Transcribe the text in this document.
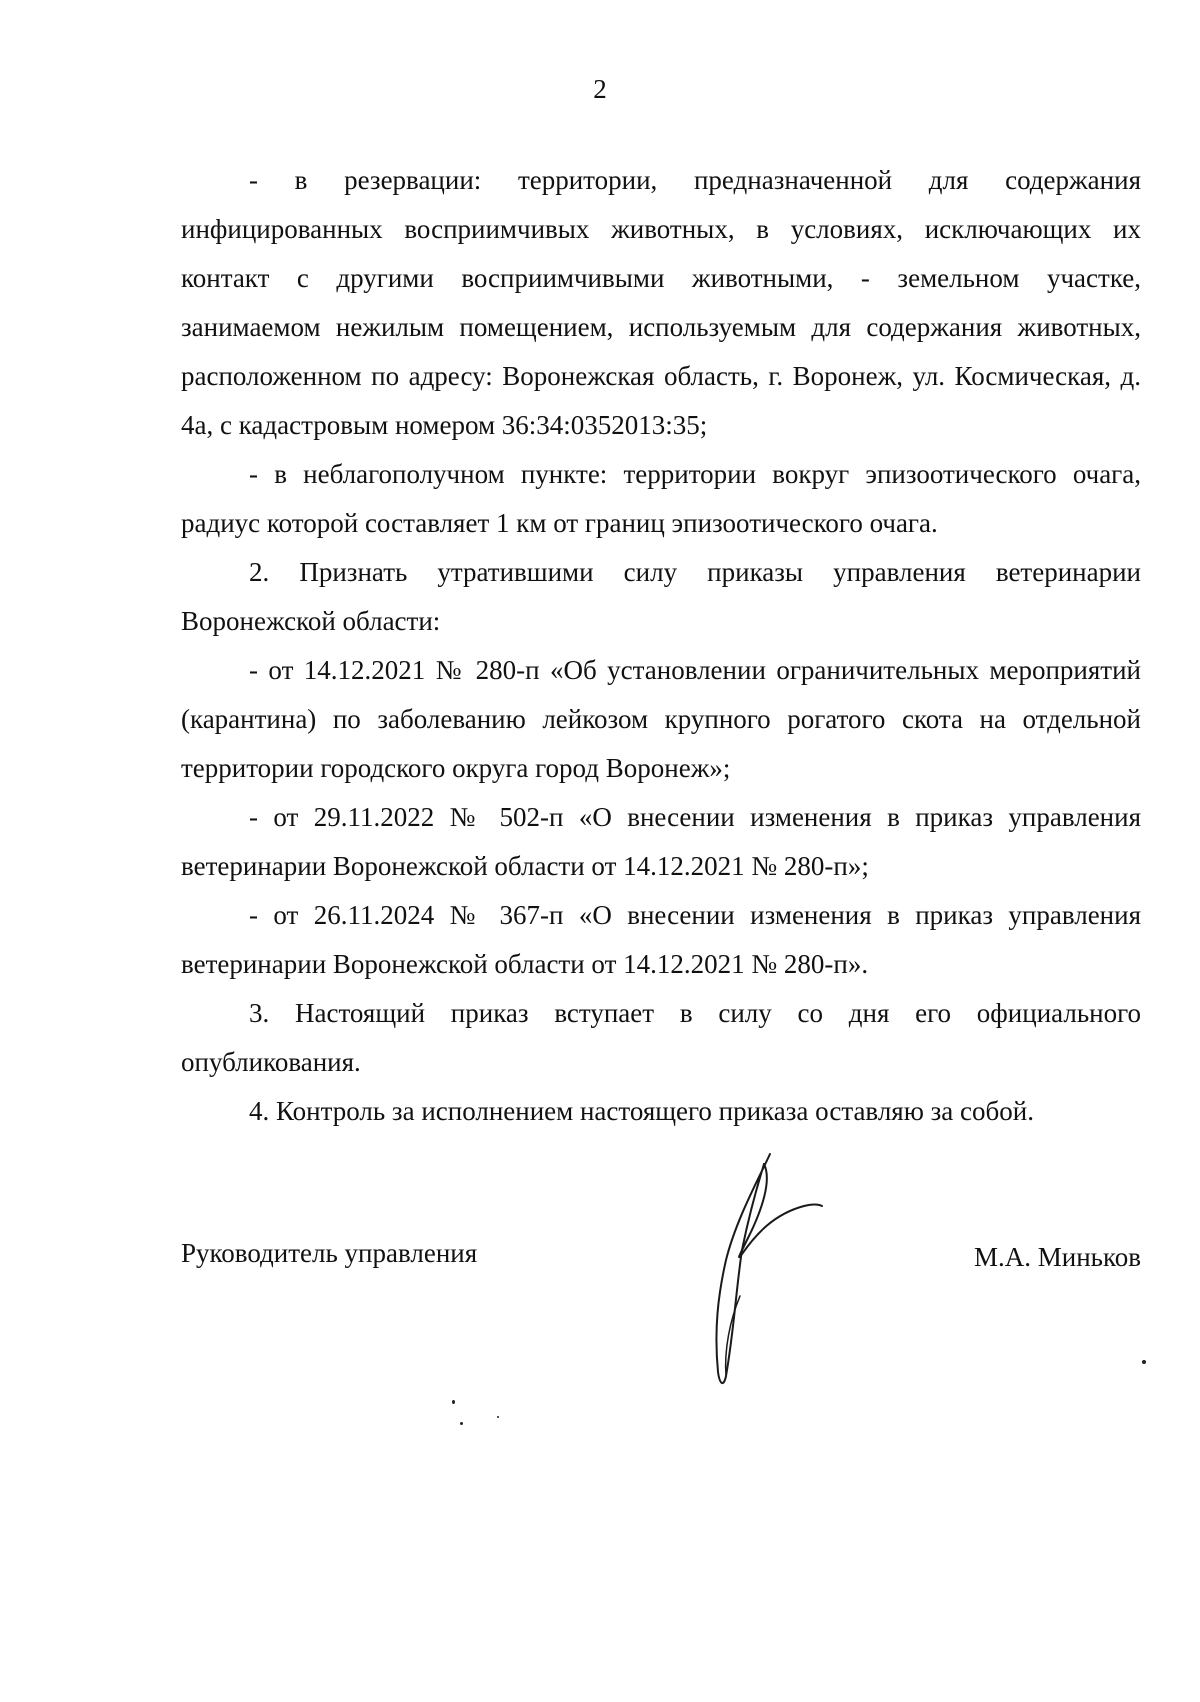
2

- в резервации: территории, предназначенной для содержания инфицированных восприимчивых животных, в условиях, исключающих их контакт с другими восприимчивыми животными, - земельном участке, занимаемом нежилым помещением, используемым для содержания животных, расположенном по адресу: Воронежская область, г. Воронеж, ул. Космическая, д. 4а, с кадастровым номером 36:34:0352013:35;

- в неблагополучном пункте: территории вокруг эпизоотического очага, радиус которой составляет 1 км от границ эпизоотического очага.

2. Признать утратившими силу приказы управления ветеринарии Воронежской области:

- от 14.12.2021 № 280-п «Об установлении ограничительных мероприятий (карантина) по заболеванию лейкозом крупного рогатого скота на отдельной территории городского округа город Воронеж»;

- от 29.11.2022 № 502-п «О внесении изменения в приказ управления ветеринарии Воронежской области от 14.12.2021 № 280-п»;

- от 26.11.2024 № 367-п «О внесении изменения в приказ управления ветеринарии Воронежской области от 14.12.2021 № 280-п».

3. Настоящий приказ вступает в силу со дня его официального опубликования.

4. Контроль за исполнением настоящего приказа оставляю за собой.

Руководитель управления	М.А. Миньков
